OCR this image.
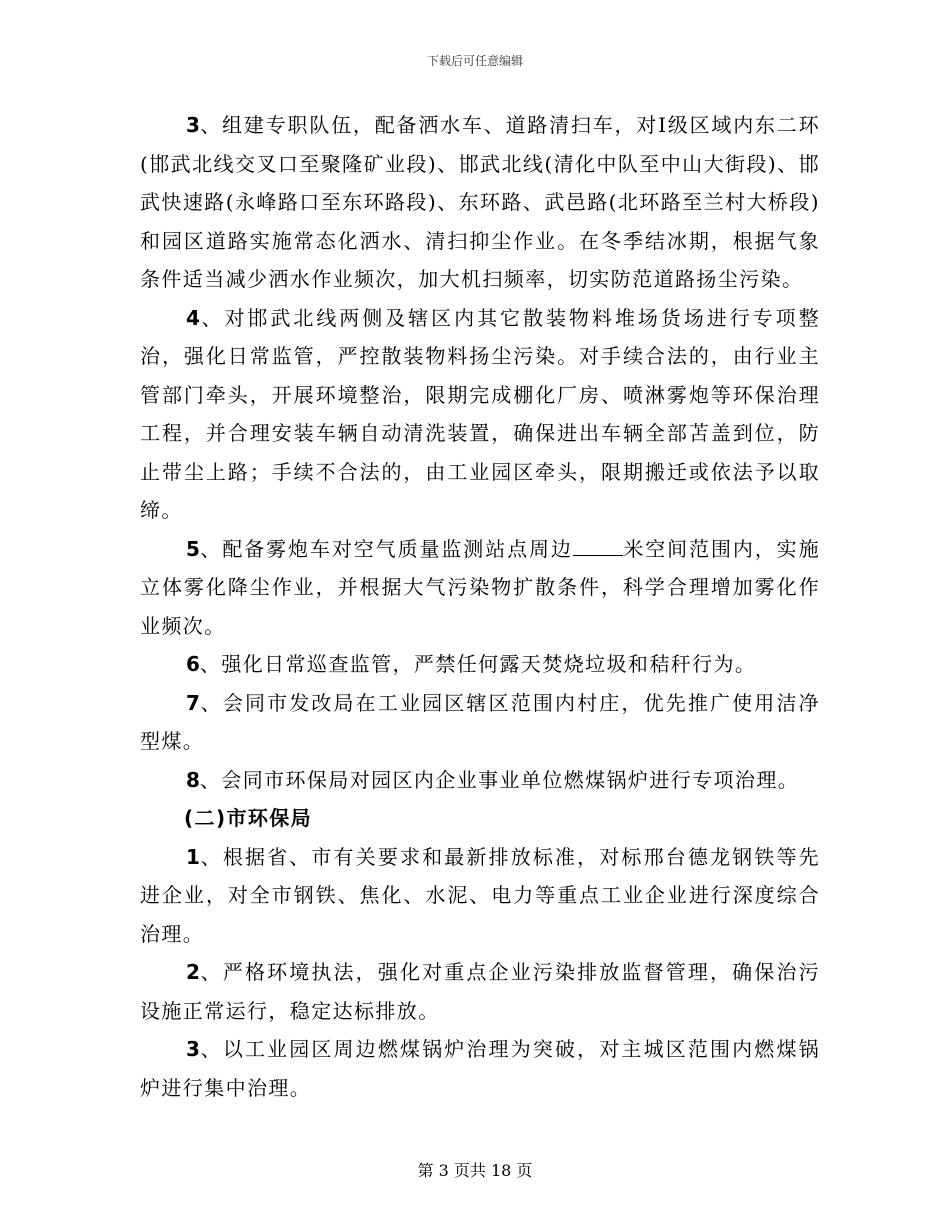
下载后可任意编辑

3、组建专职队伍，配备洒水车、道路清扫车，对Ⅰ级区域内东二环(邯武北线交叉口至聚隆矿业段)、邯武北线(清化中队至中山大街段)、邯武快速路(永峰路口至东环路段)、东环路、武邑路(北环路至兰村大桥段)和园区道路实施常态化洒水、清扫抑尘作业。在冬季结冰期，根据气象条件适当减少洒水作业频次，加大机扫频率，切实防范道路扬尘污染。

4、对邯武北线两侧及辖区内其它散装物料堆场货场进行专项整治，强化日常监管，严控散装物料扬尘污染。对手续合法的，由行业主管部门牵头，开展环境整治，限期完成棚化厂房、喷淋雾炮等环保治理工程，并合理安装车辆自动清洗装置，确保进出车辆全部苫盖到位，防止带尘上路；手续不合法的，由工业园区牵头，限期搬迁或依法予以取缔。

5、配备雾炮车对空气质量监测站点周边	米空间范围内，实施立体雾化降尘作业，并根据大气污染物扩散条件，科学合理增加雾化作业频次。

6、强化日常巡查监管，严禁任何露天焚烧垃圾和秸秆行为。

7、会同市发改局在工业园区辖区范围内村庄，优先推广使用洁净型煤。

8、会同市环保局对园区内企业事业单位燃煤锅炉进行专项治理。

(二)市环保局

1、根据省、市有关要求和最新排放标准，对标邢台德龙钢铁等先进企业，对全市钢铁、焦化、水泥、电力等重点工业企业进行深度综合治理。

2、严格环境执法，强化对重点企业污染排放监督管理，确保治污设施正常运行，稳定达标排放。

3、以工业园区周边燃煤锅炉治理为突破，对主城区范围内燃煤锅炉进行集中治理。

第 3 页共 18 页
